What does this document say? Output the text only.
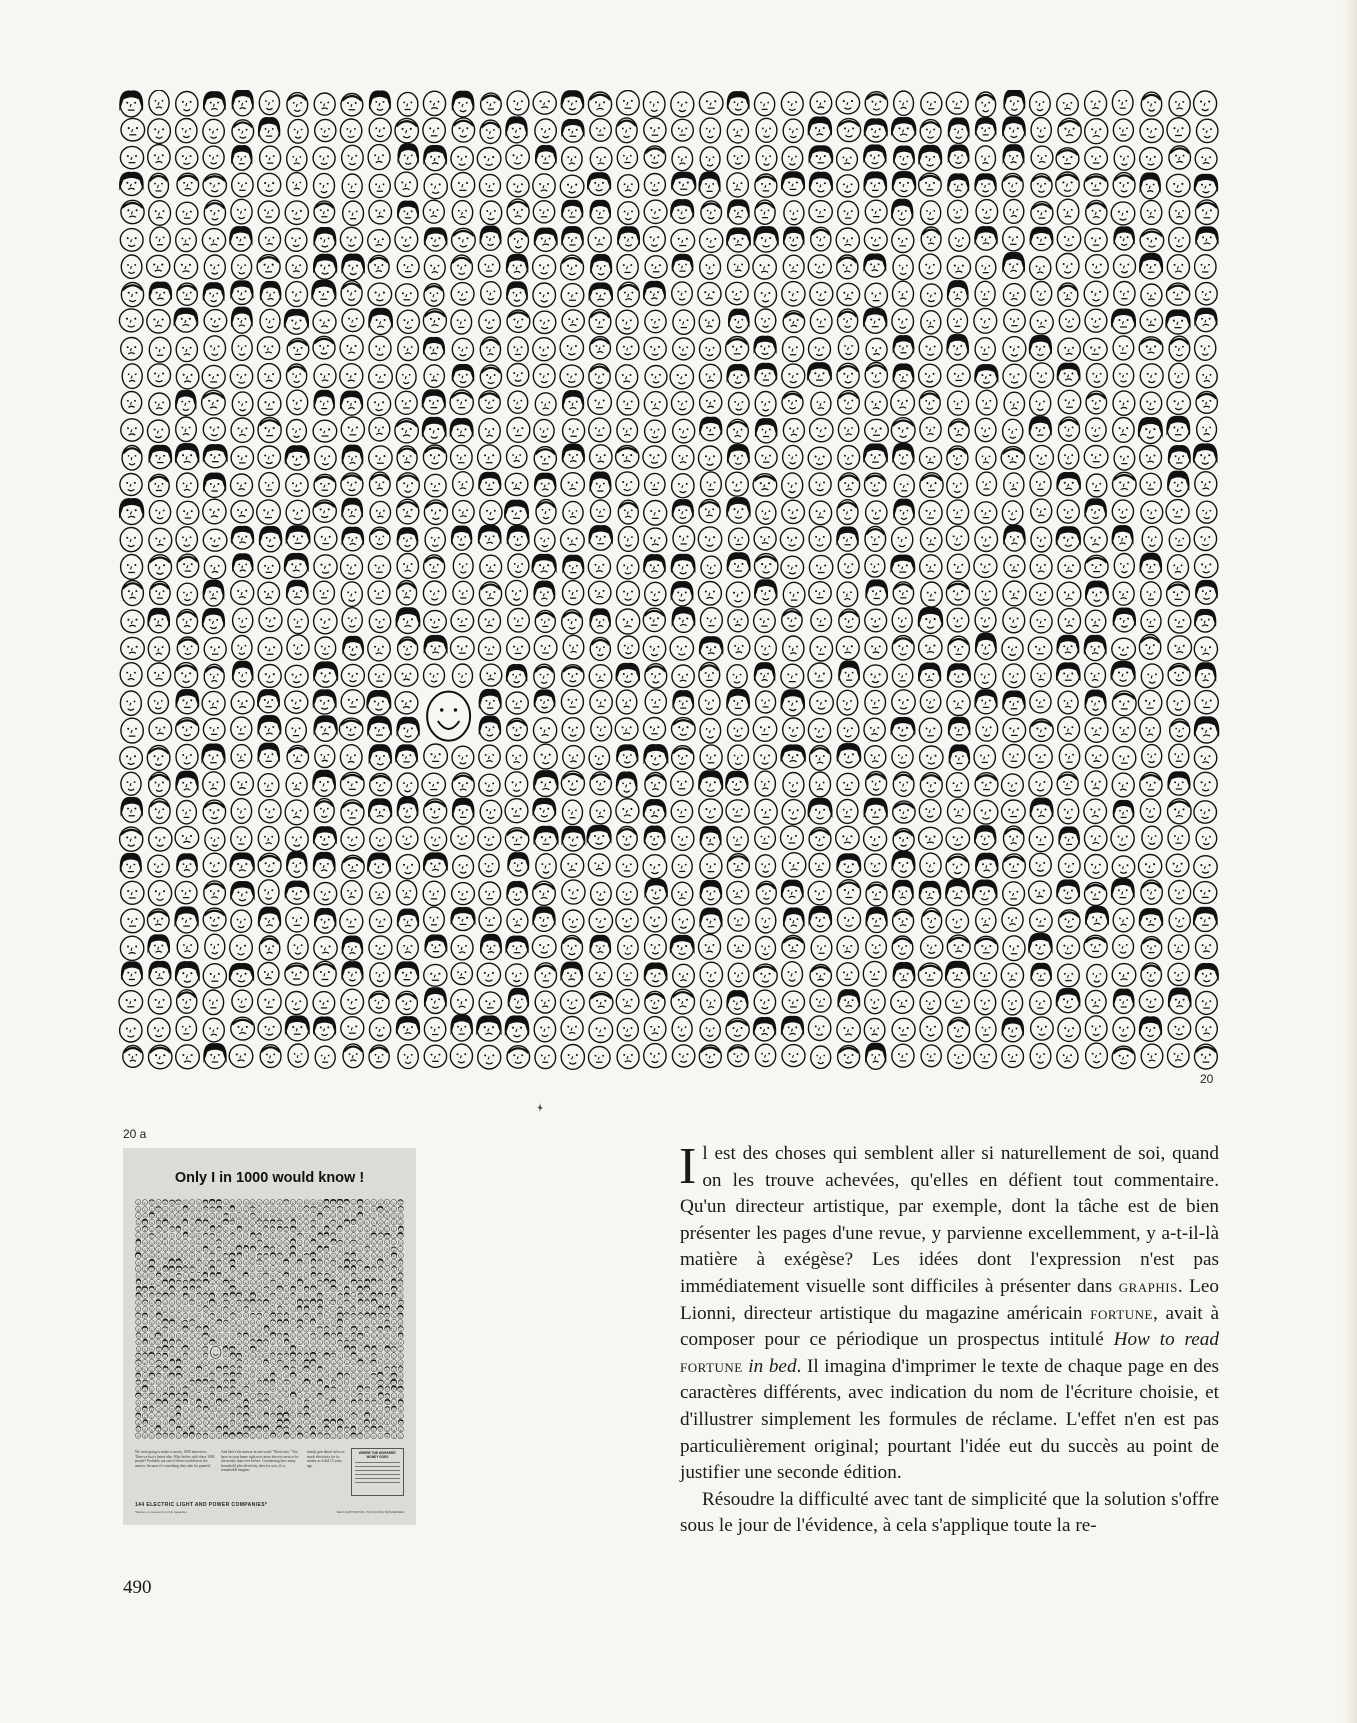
20
20 a
Only I in 1000 would know !
We were going to make a survey, 1000 interviews. Then we had a better idea. Why bother with these 1000 people? Probably not one of them would know the answer, because it's something they take for granted.
And here's the answer in one word: "Electricity." You have in your home right now more electric service for the money than ever before. Considering how many household jobs electricity does for you, it's a remarkable bargain.
family gets about twice as much electricity for its money as it did 15 years ago.
WHERE THE WORKERS' MONEY GOES
144 ELECTRIC LIGHT AND POWER COMPANIES*
*Names on request from this magazine	SELF-SUPPORTING, TAX-PAYING BUSINESSES

Il est des choses qui semblent aller si naturellement de soi, quand on les trouve achevées, qu'elles en défient tout commentaire. Qu'un directeur artistique, par exemple, dont la tâche est de bien présenter les pages d'une revue, y parvienne excellemment, y a-t-il-là matière à exégèse? Les idées dont l'expression n'est pas immédiatement visuelle sont difficiles à présenter dans graphis. Leo Lionni, directeur artistique du magazine américain fortune, avait à composer pour ce périodique un prospectus intitulé How to read fortune in bed. Il imagina d'imprimer le texte de chaque page en des caractères différents, avec indication du nom de l'écriture choisie, et d'illustrer simplement les formules de réclame. L'effet n'en est pas particulièrement original; pourtant l'idée eut du succès au point de justifier une seconde édition.

Résoudre la difficulté avec tant de simplicité que la solution s'offre sous le jour de l'évidence, à cela s'applique toute la re-

490
